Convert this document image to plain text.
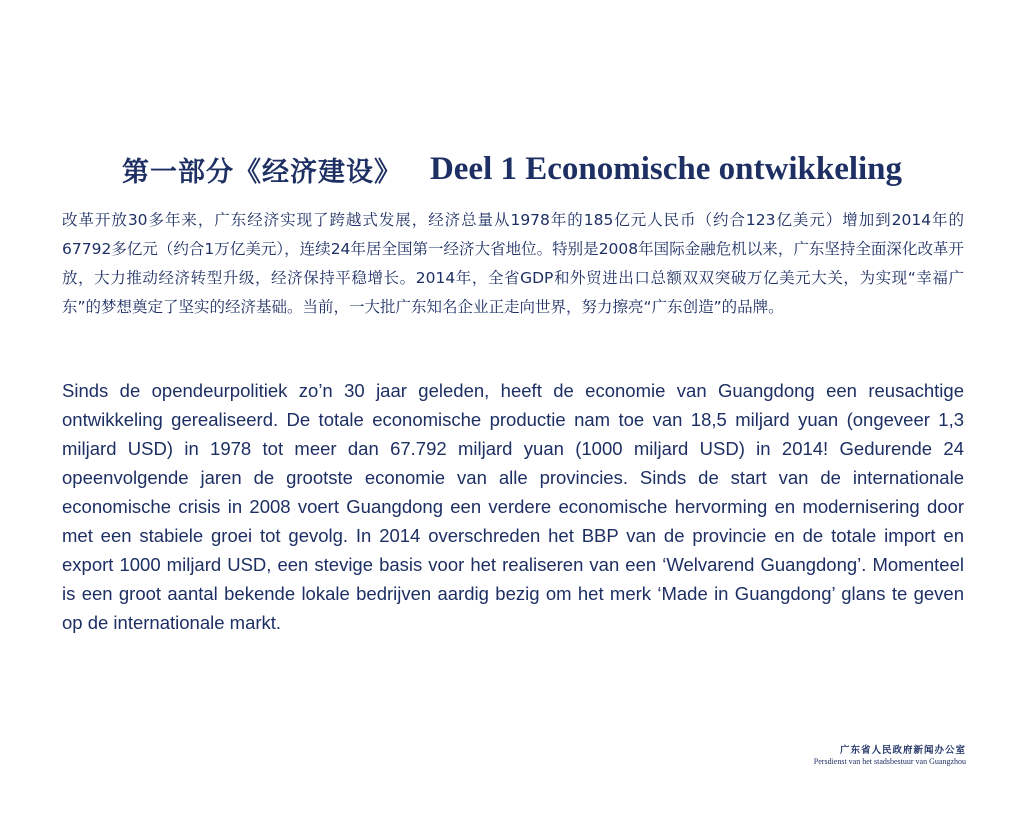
第一部分《经济建设》 Deel 1 Economische ontwikkeling

改革开放30多年来，广东经济实现了跨越式发展，经济总量从1978年的185亿元人民币（约合123亿美元）增加到2014年的67792多亿元（约合1万亿美元），连续24年居全国第一经济大省地位。特别是2008年国际金融危机以来，广东坚持全面深化改革开放，大力推动经济转型升级，经济保持平稳增长。2014年，全省GDP和外贸进出口总额双双突破万亿美元大关，为实现“幸福广东”的梦想奠定了坚实的经济基础。当前，一大批广东知名企业正走向世界，努力擦亮“广东创造”的品牌。

Sinds de opendeurpolitiek zo’n 30 jaar geleden, heeft de economie van Guangdong een reusachtige ontwikkeling gerealiseerd. De totale economische productie nam toe van 18,5 miljard yuan (ongeveer 1,3 miljard USD) in 1978 tot meer dan 67.792 miljard yuan (1000 miljard USD) in 2014! Gedurende 24 opeenvolgende jaren de grootste economie van alle provincies. Sinds de start van de internationale economische crisis in 2008 voert Guangdong een verdere economische hervorming en modernisering door met een stabiele groei tot gevolg. In 2014 overschreden het BBP van de provincie en de totale import en export 1000 miljard USD, een stevige basis voor het realiseren van een ‘Welvarend Guangdong’. Momenteel is een groot aantal bekende lokale bedrijven aardig bezig om het merk ‘Made in Guangdong’ glans te geven op de internationale markt.

广东省人民政府新闻办公室
Persdienst van het stadsbestuur van Guangzhou
